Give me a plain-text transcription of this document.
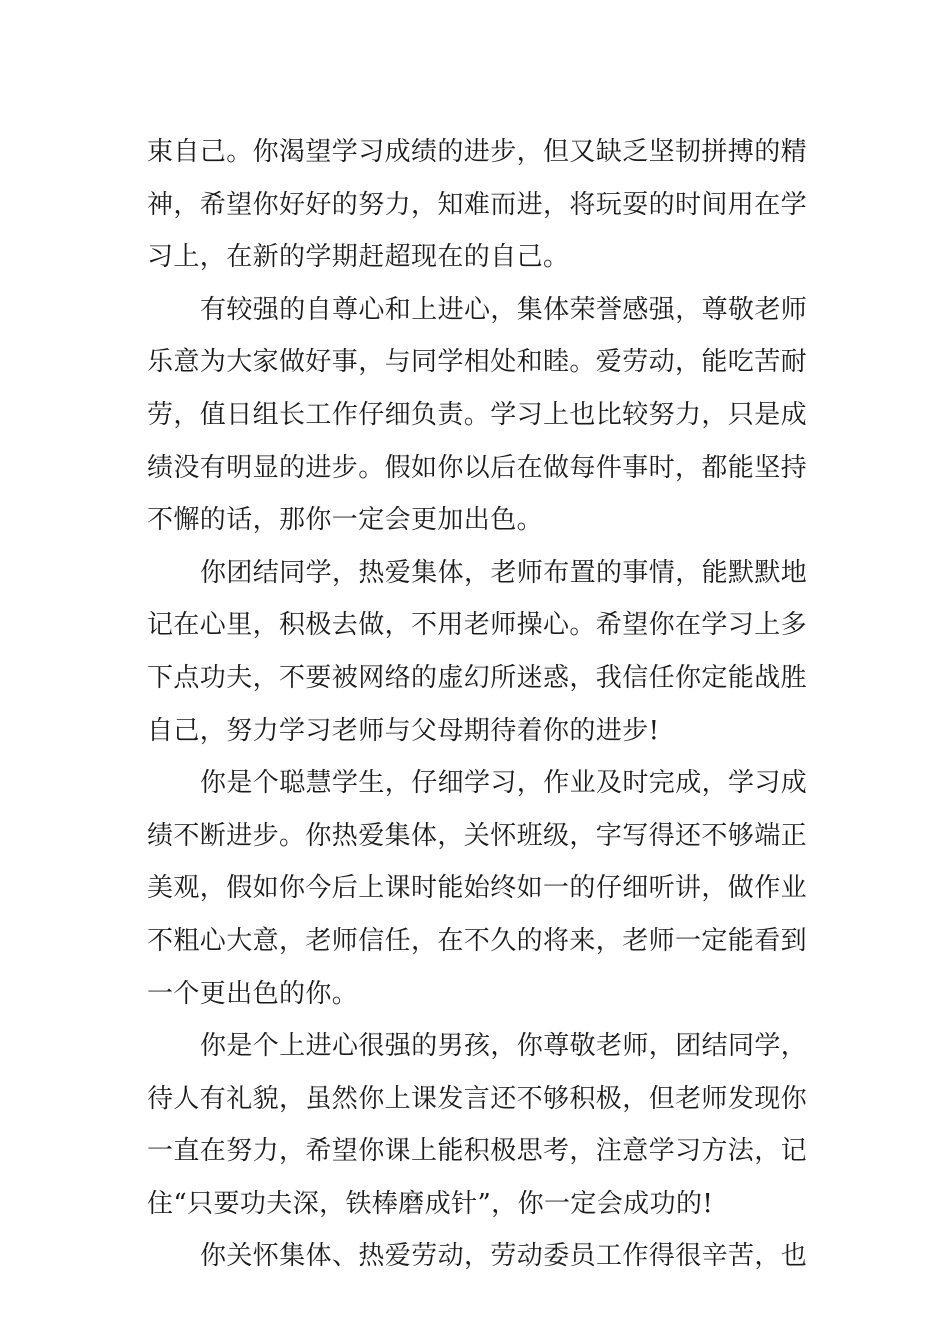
束自己。你渴望学习成绩的进步，但又缺乏坚韧拼搏的精
神，希望你好好的努力，知难而进，将玩耍的时间用在学
习上，在新的学期赶超现在的自己。
有较强的自尊心和上进心，集体荣誉感强，尊敬老师
乐意为大家做好事，与同学相处和睦。爱劳动，能吃苦耐
劳，值日组长工作仔细负责。学习上也比较努力，只是成
绩没有明显的进步。假如你以后在做每件事时，都能坚持
不懈的话，那你一定会更加出色。
你团结同学，热爱集体，老师布置的事情，能默默地
记在心里，积极去做，不用老师操心。希望你在学习上多
下点功夫，不要被网络的虚幻所迷惑，我信任你定能战胜
自己，努力学习老师与父母期待着你的进步!
你是个聪慧学生，仔细学习，作业及时完成，学习成
绩不断进步。你热爱集体，关怀班级，字写得还不够端正
美观，假如你今后上课时能始终如一的仔细听讲，做作业
不粗心大意，老师信任，在不久的将来，老师一定能看到
一个更出色的你。
你是个上进心很强的男孩，你尊敬老师，团结同学，
待人有礼貌，虽然你上课发言还不够积极，但老师发现你
一直在努力，希望你课上能积极思考，注意学习方法，记
住“只要功夫深，铁棒磨成针”，你一定会成功的!
你关怀集体、热爱劳动，劳动委员工作得很辛苦，也
